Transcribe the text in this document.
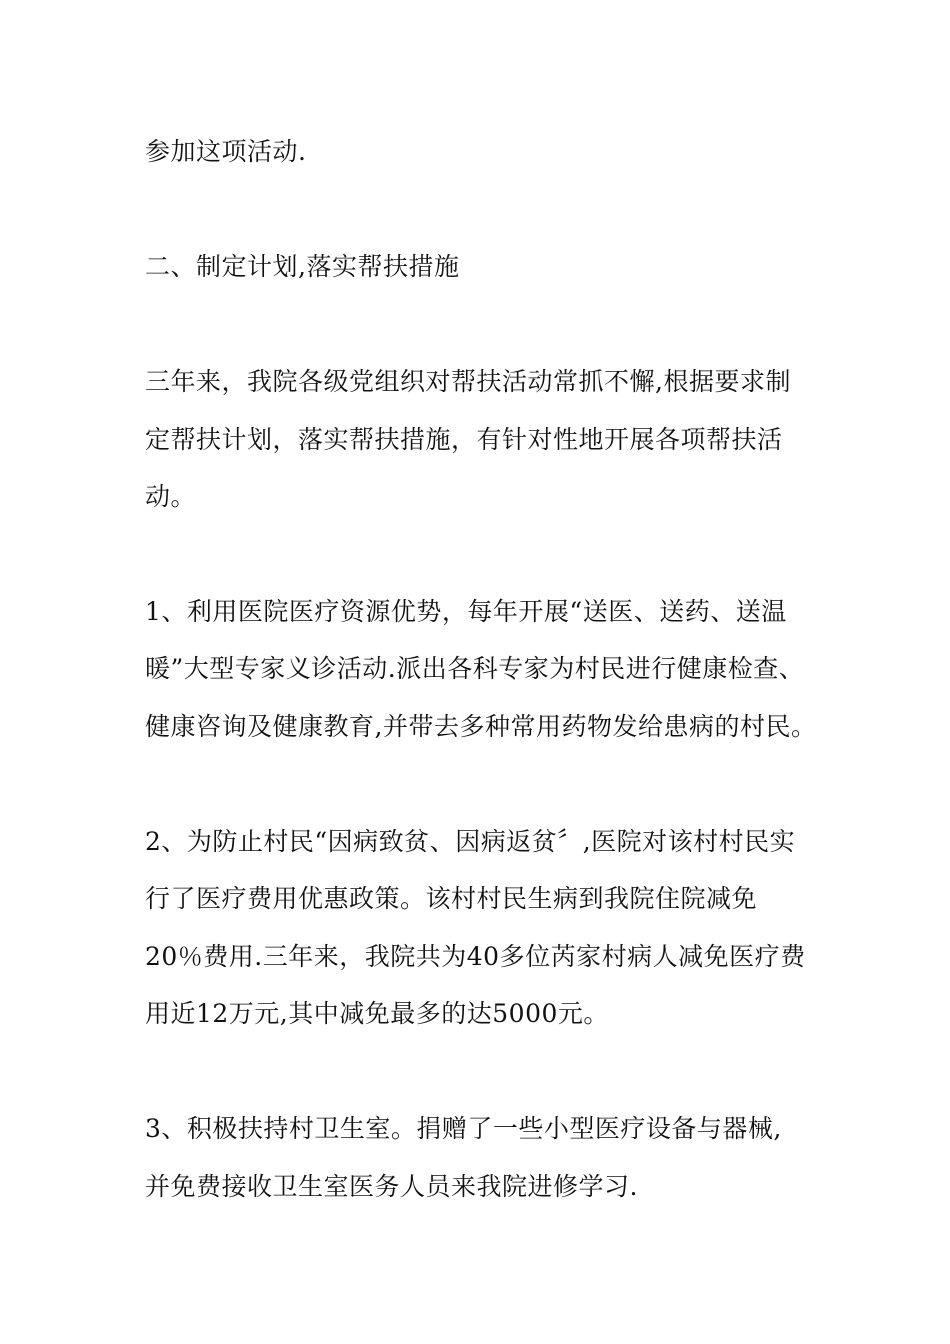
参加这项活动.
二、制定计划,落实帮扶措施
三年来，我院各级党组织对帮扶活动常抓不懈,根据要求制
定帮扶计划，落实帮扶措施，有针对性地开展各项帮扶活
动。
1、利用医院医疗资源优势，每年开展“送医、送药、送温
暖”大型专家义诊活动.派出各科专家为村民进行健康检查、
健康咨询及健康教育,并带去多种常用药物发给患病的村民。
2、为防止村民“因病致贫、因病返贫〞,医院对该村村民实
行了医疗费用优惠政策。该村村民生病到我院住院减免
20％费用.三年来，我院共为40多位芮家村病人减免医疗费
用近12万元,其中减免最多的达5000元。
3、积极扶持村卫生室。捐赠了一些小型医疗设备与器械,
并免费接收卫生室医务人员来我院进修学习.
